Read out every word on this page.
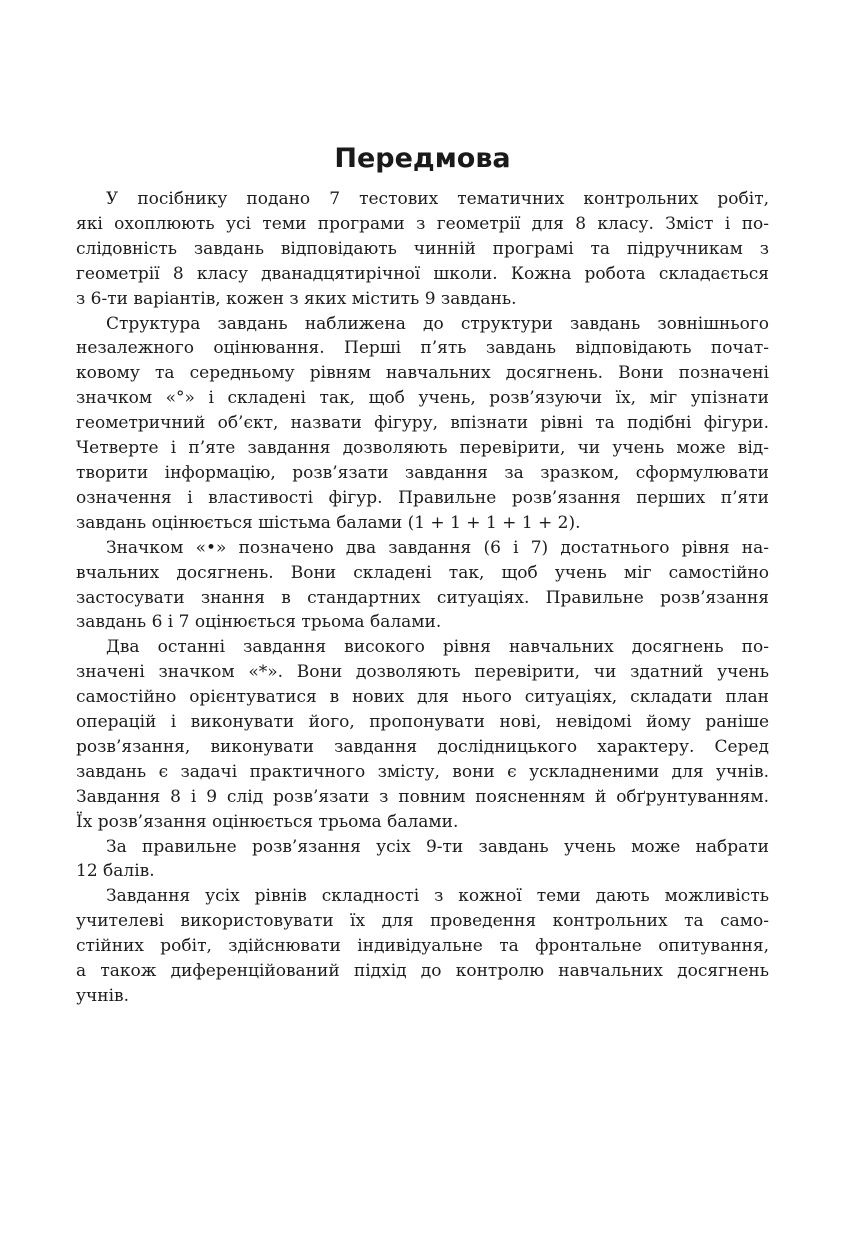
Передмова

У посібнику подано 7 тестових тематичних контрольних робіт,
які охоплюють усі теми програми з геометрії для 8 класу. Зміст і по-
слідовність завдань відповідають чинній програмі та підручникам з
геометрії 8 класу дванадцятирічної школи. Кожна робота складається
з 6-ти варіантів, кожен з яких містить 9 завдань.

Структура завдань наближена до структури завдань зовнішнього
незалежного оцінювання. Перші п’ять завдань відповідають почат-
ковому та середньому рівням навчальних досягнень. Вони позначені
значком «°» і складені так, щоб учень, розв’язуючи їх, міг упізнати
геометричний об’єкт, назвати фігуру, впізнати рівні та подібні фігури.
Четверте і п’яте завдання дозволяють перевірити, чи учень може від-
творити інформацію, розв’язати завдання за зразком, сформулювати
означення і властивості фігур. Правильне розв’язання перших п’яти
завдань оцінюється шістьма балами (1 + 1 + 1 + 1 + 2).

Значком «•» позначено два завдання (6 і 7) достатнього рівня на-
вчальних досягнень. Вони складені так, щоб учень міг самостійно
застосувати знання в стандартних ситуаціях. Правильне розв’язання
завдань 6 і 7 оцінюється трьома балами.

Два останні завдання високого рівня навчальних досягнень по-
значені значком «*». Вони дозволяють перевірити, чи здатний учень
самостійно орієнтуватися в нових для нього ситуаціях, складати план
операцій і виконувати його, пропонувати нові, невідомі йому раніше
розв’язання, виконувати завдання дослідницького характеру. Серед
завдань є задачі практичного змісту, вони є ускладненими для учнів.
Завдання 8 і 9 слід розв’язати з повним поясненням й обґрунтуванням.
Їх розв’язання оцінюється трьома балами.

За правильне розв’язання усіх 9-ти завдань учень може набрати
12 балів.

Завдання усіх рівнів складності з кожної теми дають можливість
учителеві використовувати їх для проведення контрольних та само-
стійних робіт, здійснювати індивідуальне та фронтальне опитування,
а також диференційований підхід до контролю навчальних досягнень
учнів.
